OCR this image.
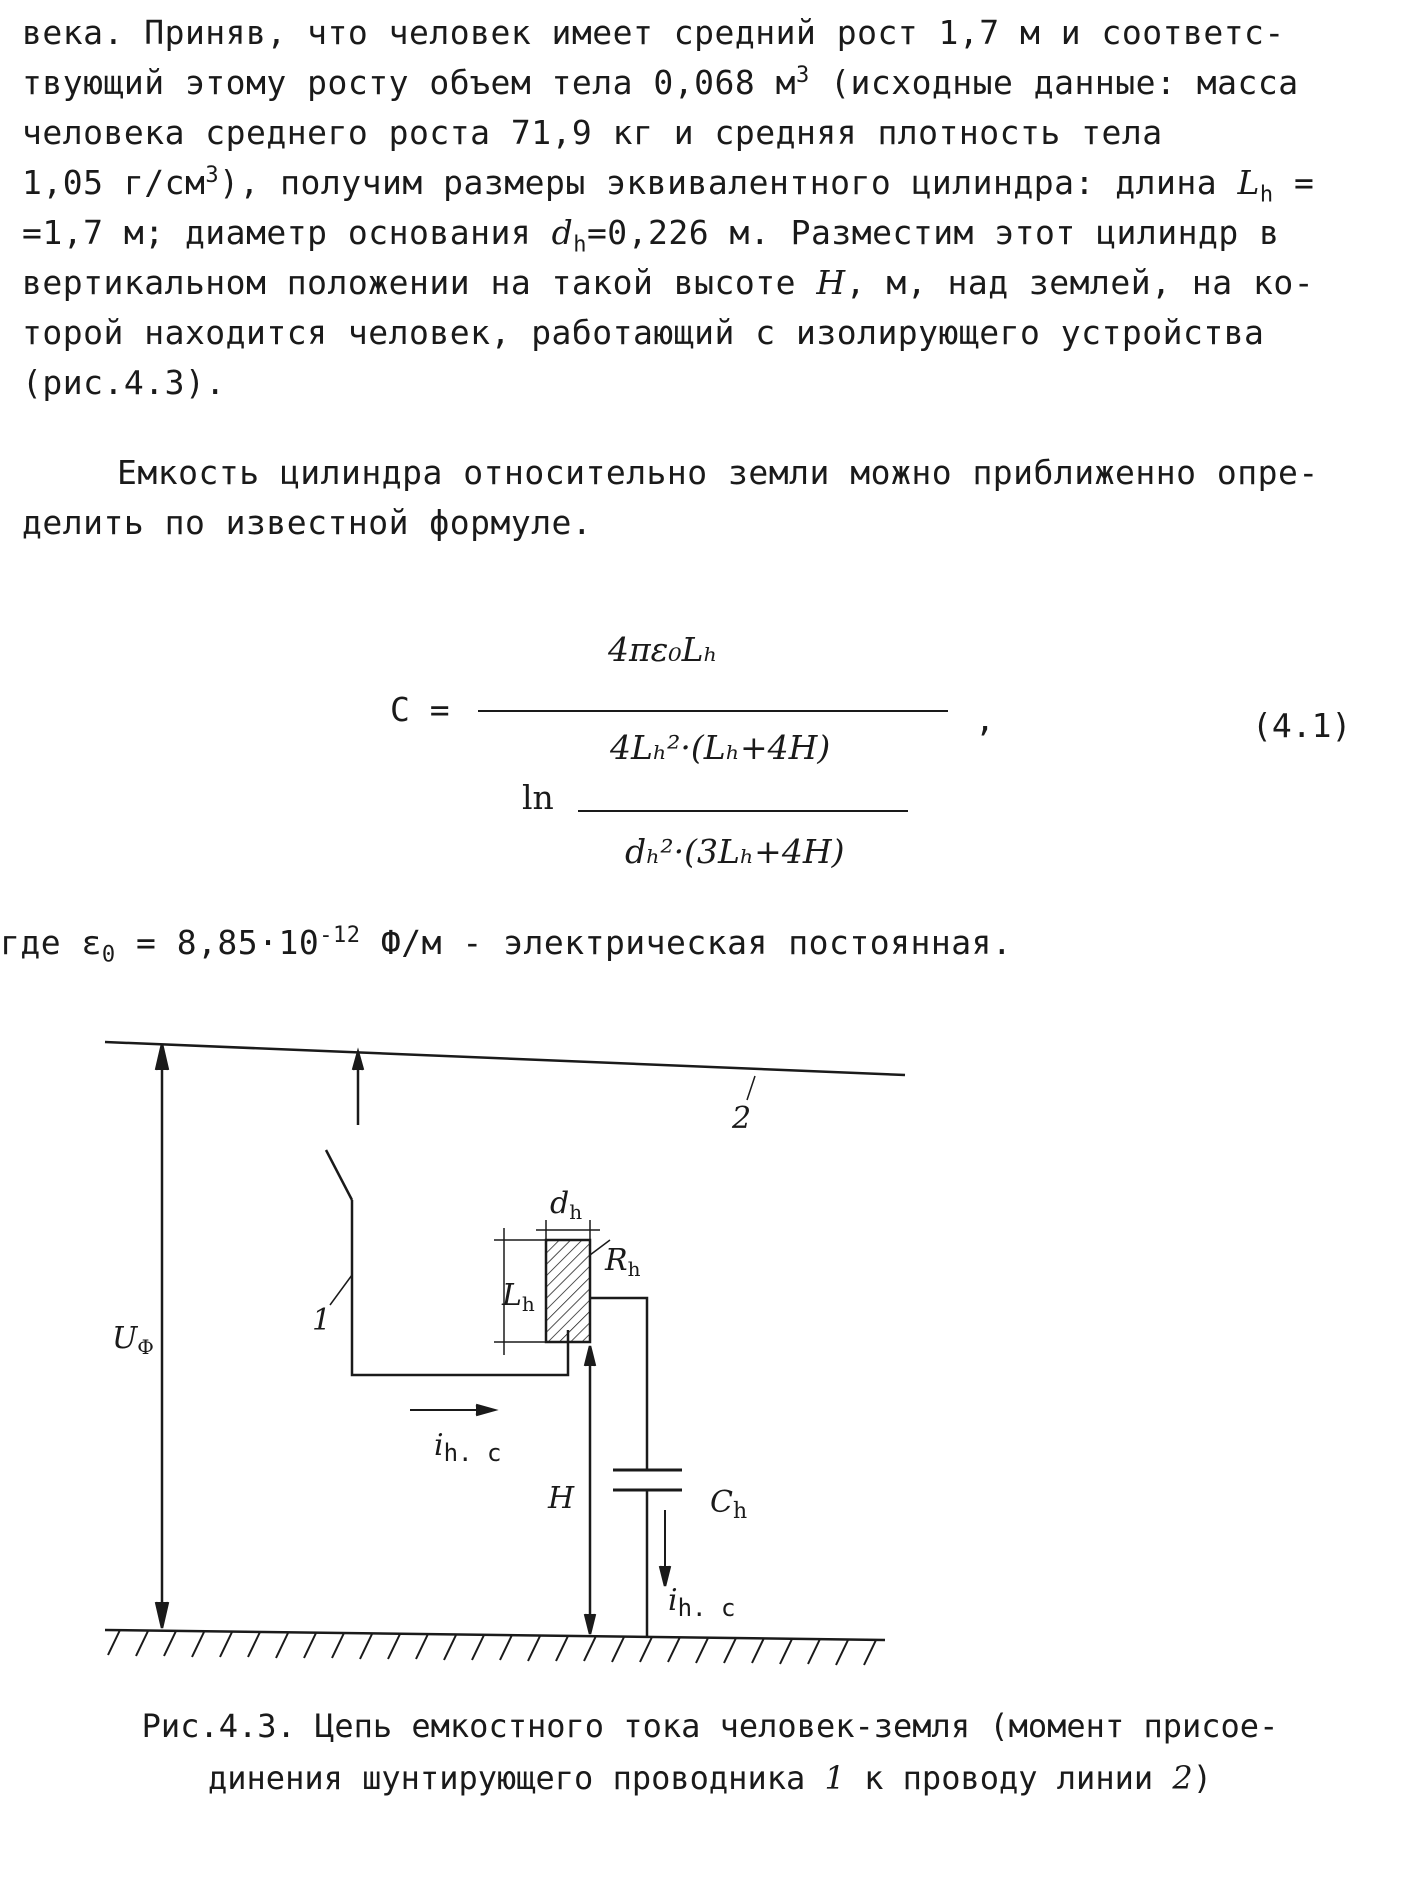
века. Приняв, что человек имеет средний рост 1,7 м и соответс-
твующий этому росту объем тела 0,068 $м^3$ (исходные данные: масса
человека среднего роста 71,9 кг и средняя плотность тела
1,05 $г/см^3$), получим размеры эквивалентного цилиндра: длина $L_h$ =
=1,7 м; диаметр основания $d_h=0,226$ м. Разместим этот цилиндр в
вертикальном положении на такой высоте H, м, над землей, на ко-
торой находится человек, работающий с изолирующего устройства
(рис.4.3).
Емкость цилиндра относительно земли можно приближенно опре-
делить по известной формуле.
C =
4πε₀Lₕ
,	(4.1)
ln
4Lₕ²·(Lₕ+4H)
dₕ²·(3Lₕ+4H)
где $\varepsilon_0 = 8,85\cdot 10^{-12}$ Ф/м - электрическая постоянная.
2
1
$U_Ф$
$d_h$
$R_h$
$L_h$
$i_{h. c}$
H	$C_h$
$i_{h. c}$
Рис.4.3. Цепь емкостного тока человек-земля (момент присое-
динения шунтирующего проводника 1 к проводу линии 2)
